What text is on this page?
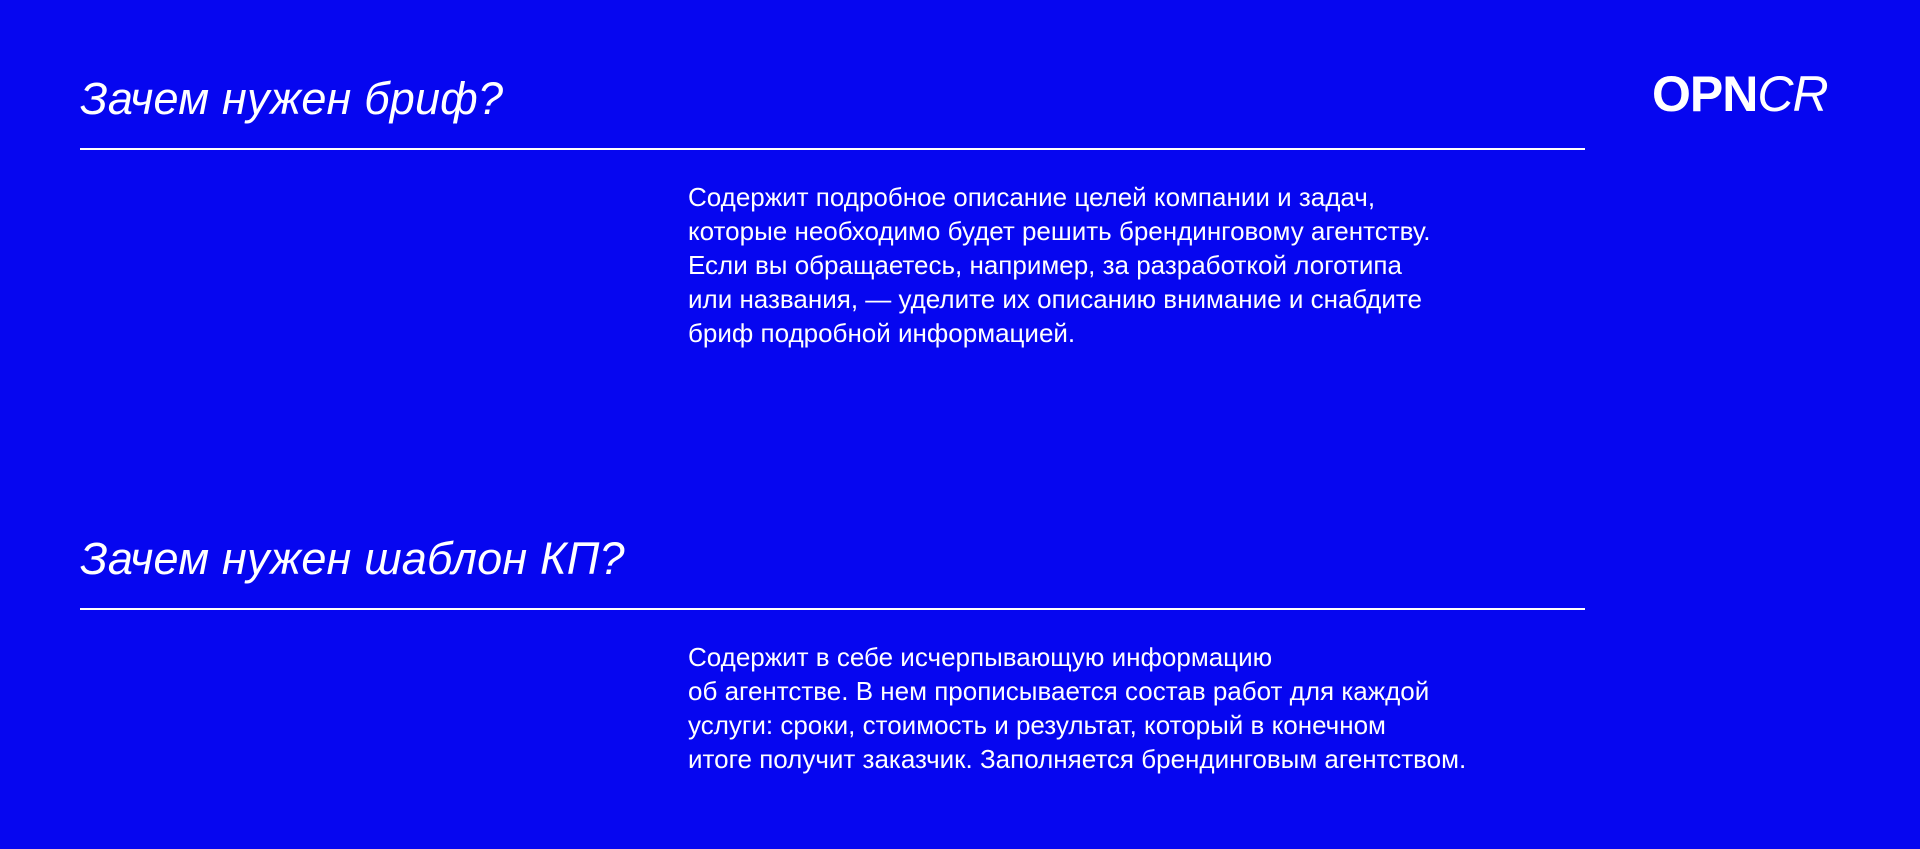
OPNCR
Зачем нужен бриф?

Содержит подробное описание целей компании и задач,
которые необходимо будет решить брендинговому агентству.
Если вы обращаетесь, например, за разработкой логотипа
или названия, — уделите их описанию внимание и снабдите
бриф подробной информацией.

Зачем нужен шаблон КП?

Содержит в себе исчерпывающую информацию
об агентстве. В нем прописывается состав работ для каждой
услуги: сроки, стоимость и результат, который в конечном
итоге получит заказчик. Заполняется брендинговым агентством.
